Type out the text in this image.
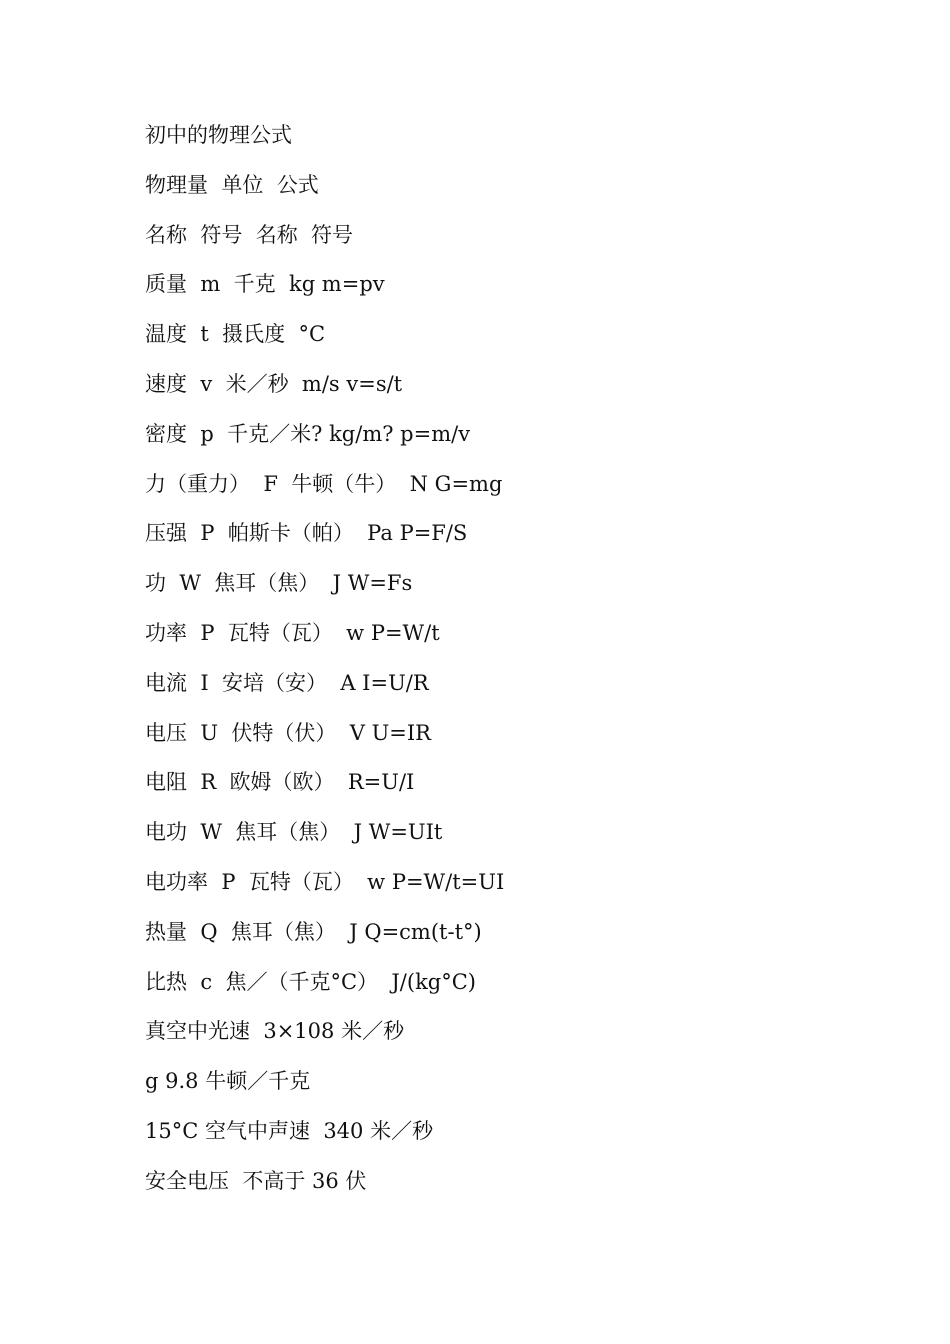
初中的物理公式
物理量  单位  公式
名称  符号  名称  符号
质量  m  千克  kg m=pv
温度  t  摄氏度  °C
速度  v  米／秒  m/s v=s/t
密度  p  千克／米? kg/m? p=m/v
力（重力）  F  牛顿（牛）  N G=mg
压强  P  帕斯卡（帕）  Pa P=F/S
功  W  焦耳（焦）  J W=Fs
功率  P  瓦特（瓦）  w P=W/t
电流  I  安培（安）  A I=U/R
电压  U  伏特（伏）  V U=IR
电阻  R  欧姆（欧）  R=U/I
电功  W  焦耳（焦）  J W=UIt
电功率  P  瓦特（瓦）  w P=W/t=UI
热量  Q  焦耳（焦）  J Q=cm(t-t°)
比热  c  焦／（千克°C）  J/(kg°C)
真空中光速  3×108 米／秒
g 9.8 牛顿／千克
15°C 空气中声速  340 米／秒
安全电压  不高于 36 伏
